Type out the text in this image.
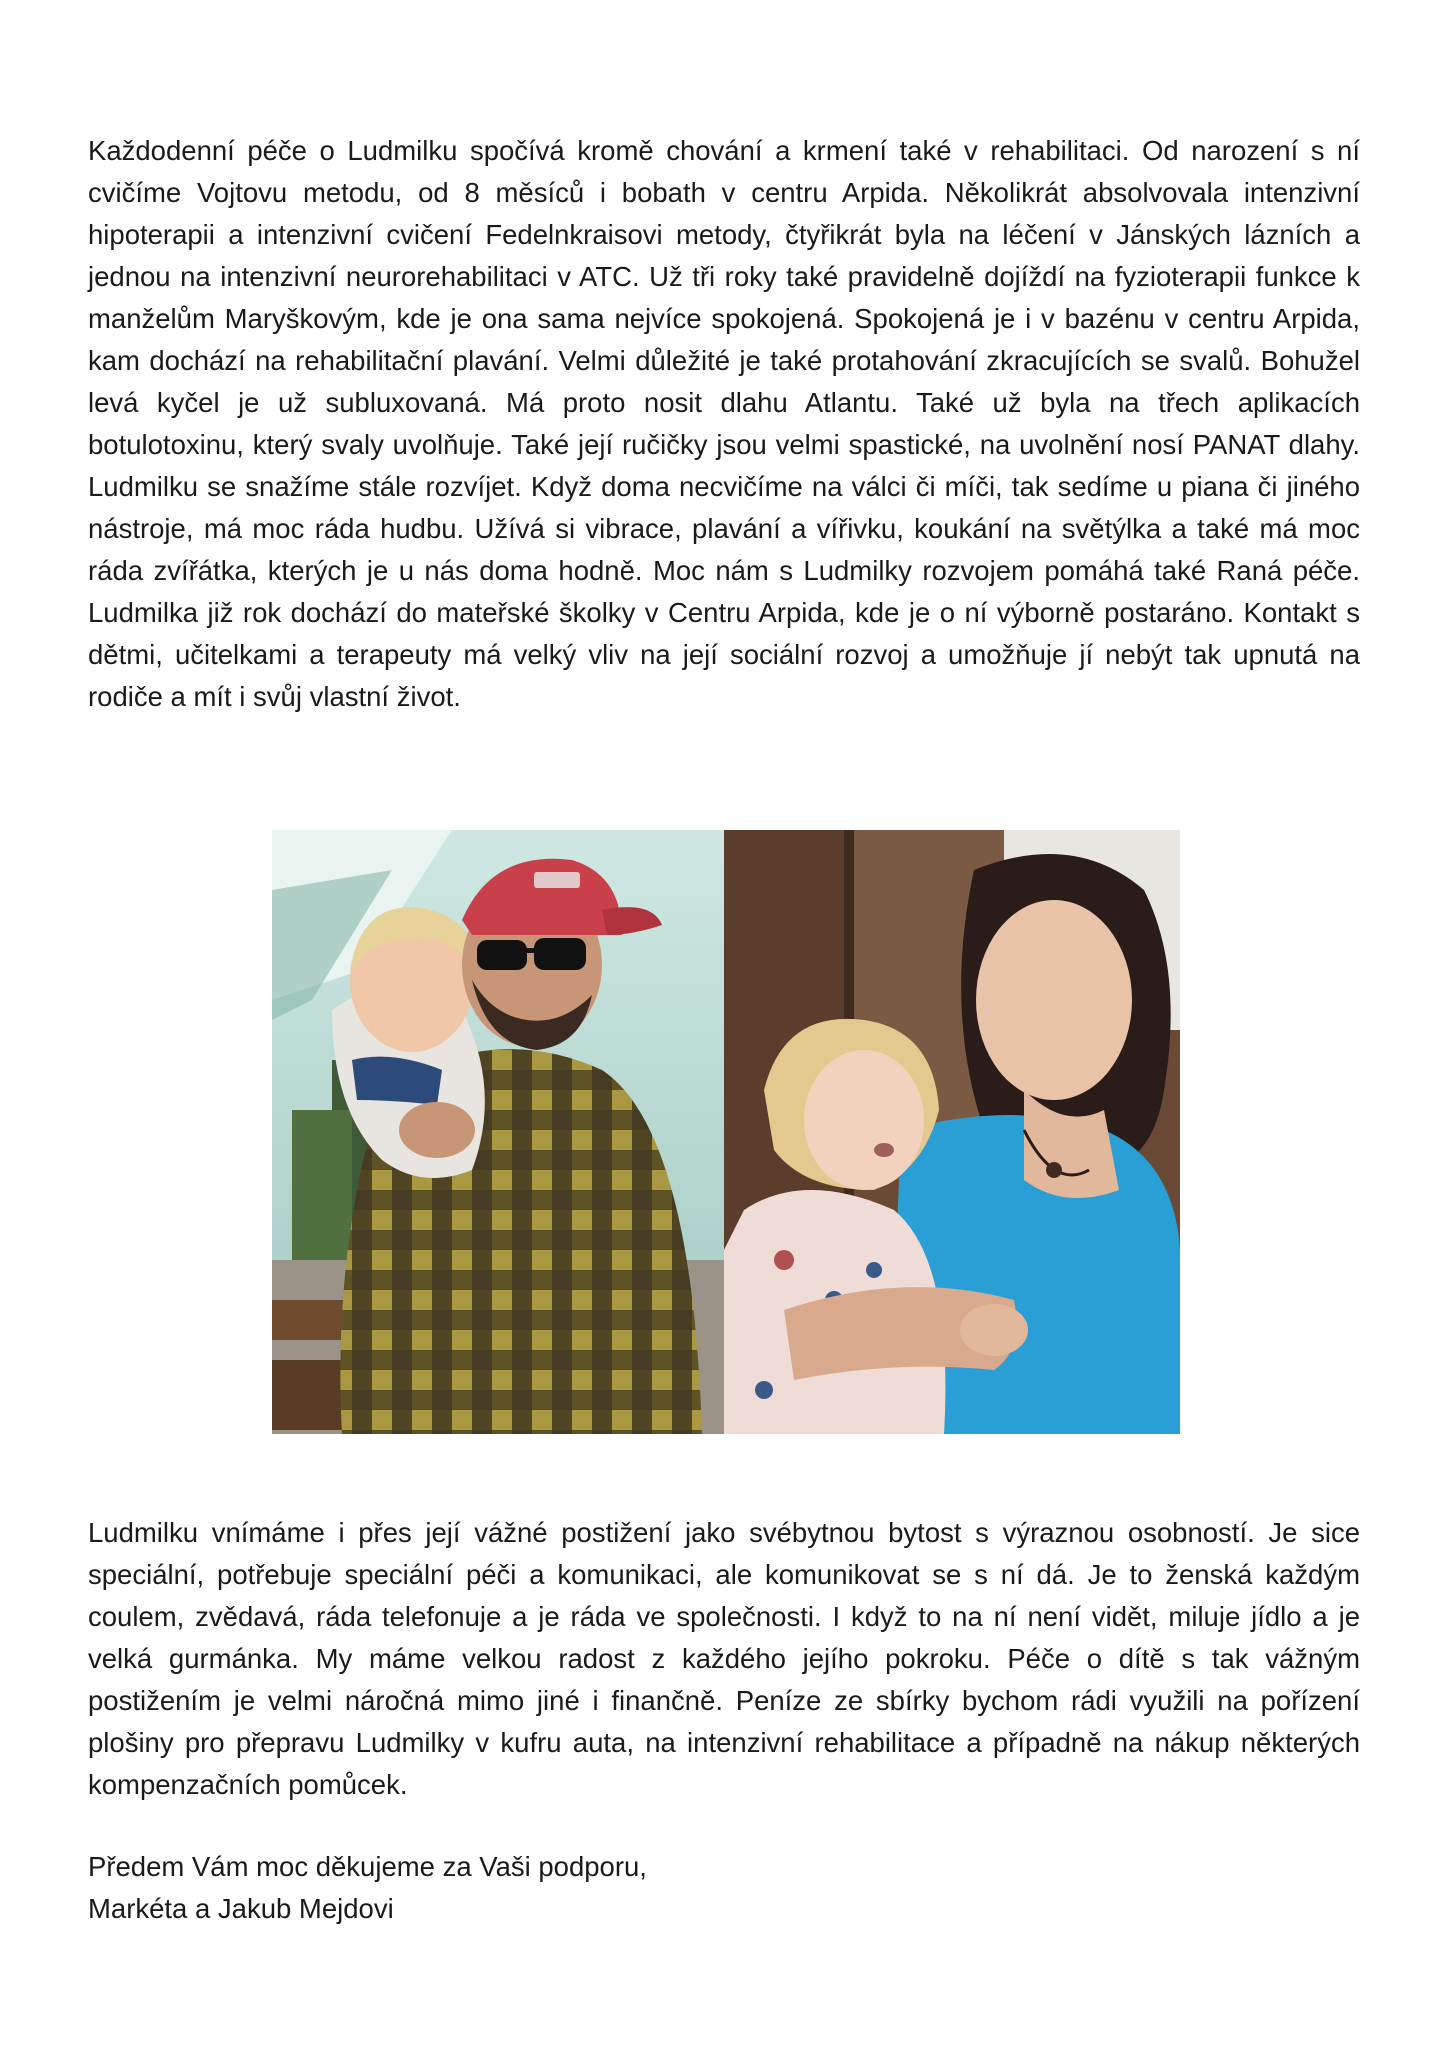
Každodenní péče o Ludmilku spočívá kromě chování a krmení také v rehabilitaci. Od narození s ní cvičíme Vojtovu metodu, od 8 měsíců i bobath v centru Arpida. Několikrát absolvovala intenzivní hipoterapii a intenzivní cvičení Fedelnkraisovi metody, čtyřikrát byla na léčení v Jánských lázních a jednou na intenzivní neurorehabilitaci v ATC. Už tři roky také pravidelně dojíždí na fyzioterapii funkce k manželům Maryškovým, kde je ona sama nejvíce spokojená. Spokojená je i v bazénu v centru Arpida, kam dochází na rehabilitační plavání. Velmi důležité je také protahování zkracujících se svalů. Bohužel levá kyčel je už subluxovaná. Má proto nosit dlahu Atlantu. Také už byla na třech aplikacích botulotoxinu, který svaly uvolňuje. Také její ručičky jsou velmi spastické, na uvolnění nosí PANAT dlahy. Ludmilku se snažíme stále rozvíjet. Když doma necvičíme na válci či míči, tak sedíme u piana či jiného nástroje, má moc ráda hudbu. Užívá si vibrace, plavání a vířivku, koukání na světýlka a také má moc ráda zvířátka, kterých je u nás doma hodně. Moc nám s Ludmilky rozvojem pomáhá také Raná péče. Ludmilka již rok dochází do mateřské školky v Centru Arpida, kde je o ní výborně postaráno. Kontakt s dětmi, učitelkami a terapeuty má velký vliv na její sociální rozvoj a umožňuje jí nebýt tak upnutá na rodiče a mít i svůj vlastní život.

Ludmilku vnímáme i přes její vážné postižení jako svébytnou bytost s výraznou osobností. Je sice speciální, potřebuje speciální péči a komunikaci, ale komunikovat se s ní dá. Je to ženská každým coulem, zvědavá, ráda telefonuje a je ráda ve společnosti. I když to na ní není vidět, miluje jídlo a je velká gurmánka. My máme velkou radost z každého jejího pokroku. Péče o dítě s tak vážným postižením je velmi náročná mimo jiné i finančně. Peníze ze sbírky bychom rádi využili na pořízení plošiny pro přepravu Ludmilky v kufru auta, na intenzivní rehabilitace a případně na nákup některých kompenzačních pomůcek.

Předem Vám moc děkujeme za Vaši podporu,

Markéta a Jakub Mejdovi
